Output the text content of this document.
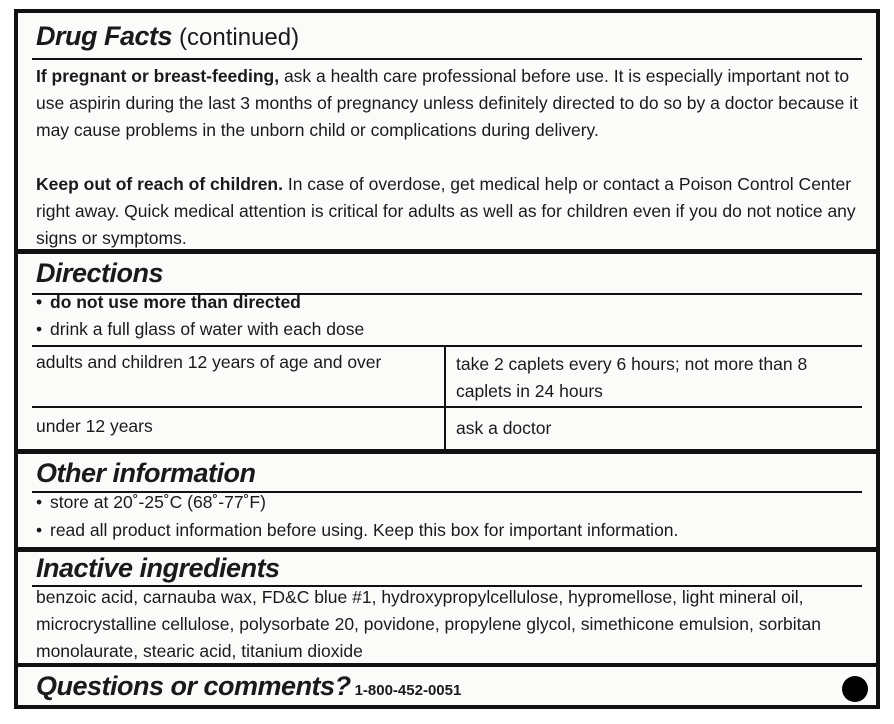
Drug Facts (continued)

If pregnant or breast-feeding, ask a health care professional before use. It is especially important not to use aspirin during the last 3 months of pregnancy unless definitely directed to do so by a doctor because it may cause problems in the unborn child or complications during delivery.

Keep out of reach of children. In case of overdose, get medical help or contact a Poison Control Center right away. Quick medical attention is critical for adults as well as for children even if you do not notice any signs or symptoms.

Directions

• do not use more than directed

• drink a full glass of water with each dose

adults and children 12 years of age and over	take 2 caplets every 6 hours; not more than 8 caplets in 24 hours

under 12 years	ask a doctor

Other information

• store at 20˚-25˚C (68˚-77˚F)

• read all product information before using. Keep this box for important information.

Inactive ingredients

benzoic acid, carnauba wax, FD&C blue #1, hydroxypropylcellulose, hypromellose, light mineral oil, microcrystalline cellulose, polysorbate 20, povidone, propylene glycol, simethicone emulsion, sorbitan monolaurate, stearic acid, titanium dioxide

Questions or comments? 1-800-452-0051
